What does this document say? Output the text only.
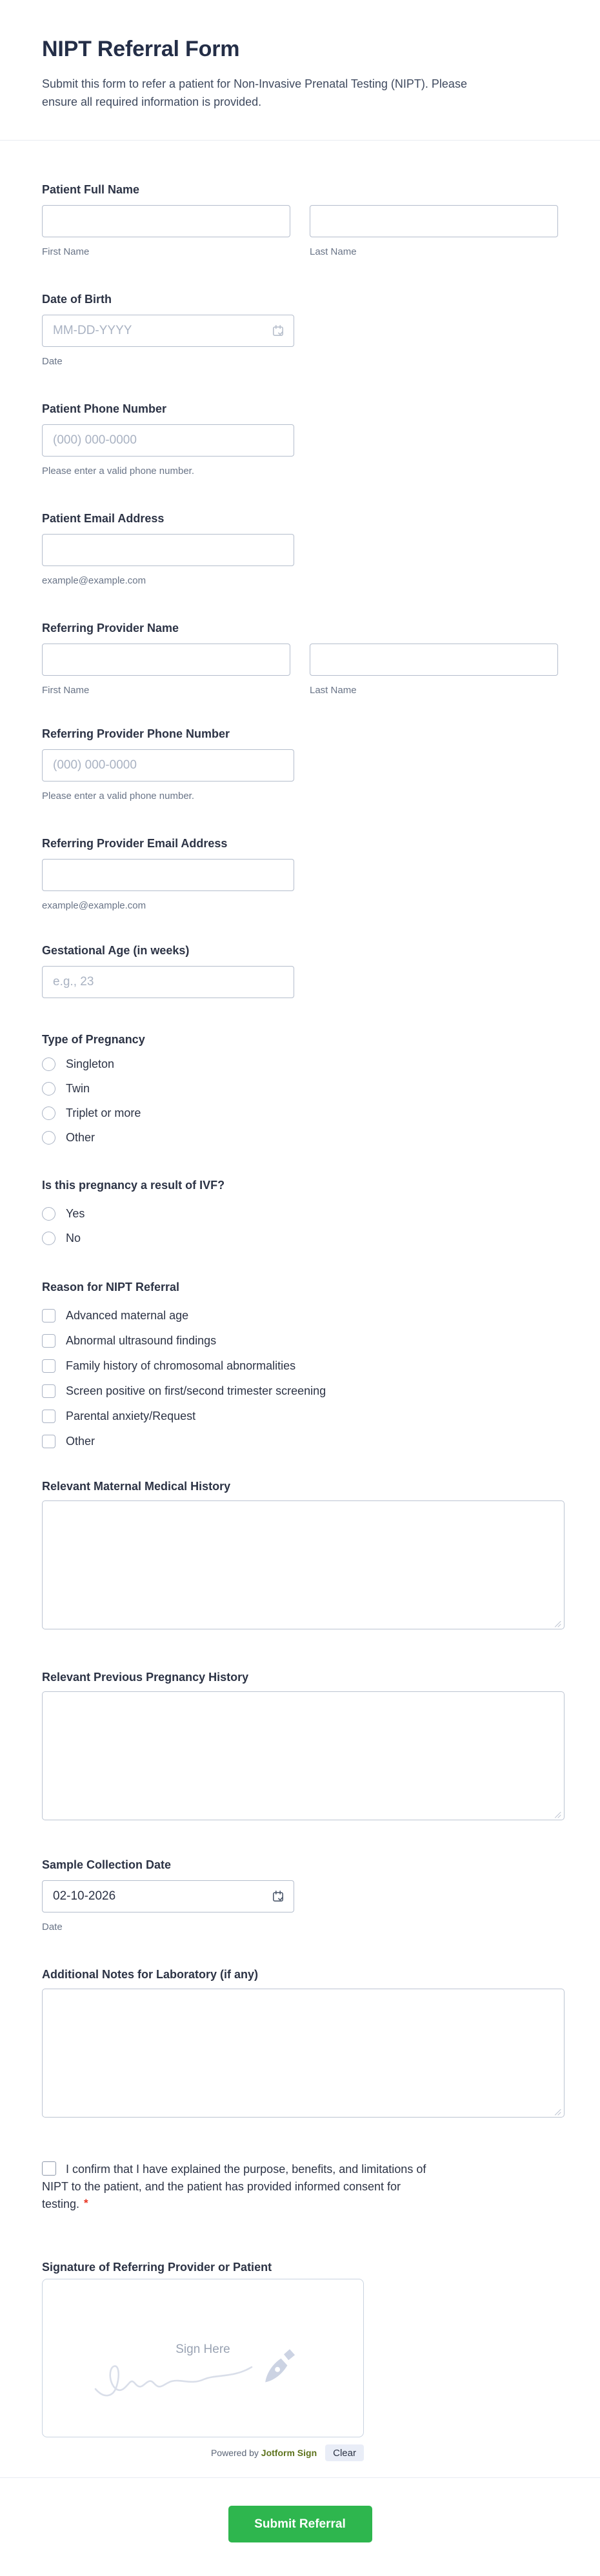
NIPT Referral Form
Submit this form to refer a patient for Non-Invasive Prenatal Testing (NIPT). Please
ensure all required information is provided.
Patient Full Name
First Name	Last Name
Date of Birth
MM-DD-YYYY
Date
Patient Phone Number
(000) 000-0000
Please enter a valid phone number.
Patient Email Address
example@example.com
Referring Provider Name
First Name	Last Name
Referring Provider Phone Number
(000) 000-0000
Please enter a valid phone number.
Referring Provider Email Address
example@example.com
Gestational Age (in weeks)
e.g., 23
Type of Pregnancy
Singleton
Twin
Triplet or more
Other
Is this pregnancy a result of IVF?
Yes
No
Reason for NIPT Referral
Advanced maternal age
Abnormal ultrasound findings
Family history of chromosomal abnormalities
Screen positive on first/second trimester screening
Parental anxiety/Request
Other
Relevant Maternal Medical History
Relevant Previous Pregnancy History
Sample Collection Date
02-10-2026
Date
Additional Notes for Laboratory (if any)
I confirm that I have explained the purpose, benefits, and limitations of
NIPT to the patient, and the patient has provided informed consent for
testing. *
Signature of Referring Provider or Patient
Sign Here
Powered by Jotform Sign	Clear
Submit Referral
